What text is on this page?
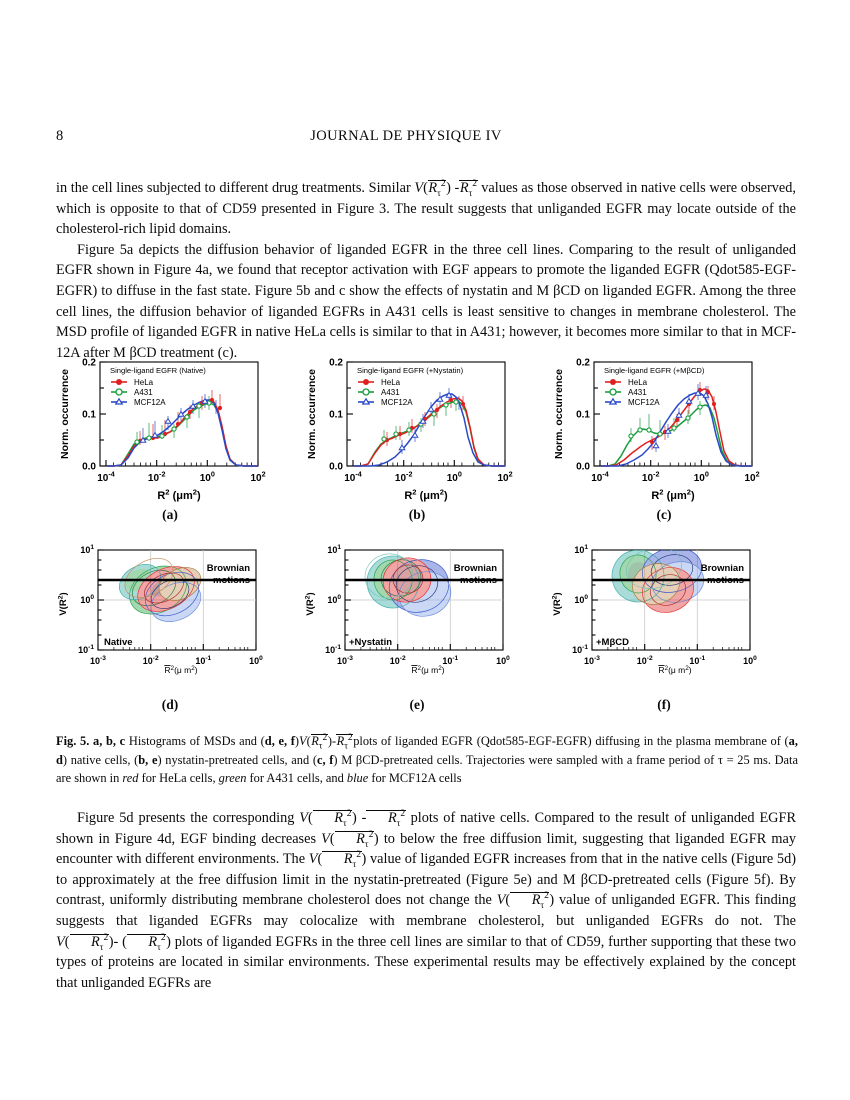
8	JOURNAL DE PHYSIQUE IV

in the cell lines subjected to different drug treatments. Similar $V(R_\tau^2)$ $-R_\tau^2$ values as those observed in native cells were observed, which is opposite to that of CD59 presented in Figure 3. The result suggests that unliganded EGFR may locate outside of the cholesterol-rich lipid domains.

Figure 5a depicts the diffusion behavior of liganded EGFR in the three cell lines. Comparing to the result of unliganded EGFR shown in Figure 4a, we found that receptor activation with EGF appears to promote the liganded EGFR (Qdot585-EGF-EGFR) to diffuse in the fast state. Figure 5b and c show the effects of nystatin and M βCD on liganded EGFR. Among the three cell lines, the diffusion behavior of liganded EGFRs in A431 cells is least sensitive to changes in membrane cholesterol. The MSD profile of liganded EGFR in native HeLa cells is similar to that in A431; however, it becomes more similar to that in MCF-12A after M βCD treatment (c).

0.0
0.1
0.2
Norm. occurrence
$10^{-4}$	$10^{-2}$	$10^0$	$10^2$
$R^2$ $(\mu m^2)$
Single-ligand EGFR (Native)
HeLa
A431
MCF12A
(a)
0.0
0.1
0.2
Norm. occurrence
$10^{-4}$	$10^{-2}$	$10^0$	$10^2$
$R^2$ $(\mu m^2)$
Single-ligand EGFR (+Nystatin)
HeLa
A431
MCF12A
(b)
0.0
0.1
0.2
Norm. occurrence
$10^{-4}$	$10^{-2}$	$10^0$	$10^2$
$R^2$ $(\mu m^2)$
Single-ligand EGFR (+MβCD)
HeLa
A431
MCF12A
(c)
Brownian
motions
Native
$10^{-1}$
$10^0$
$10^1$
$V(R^2)$
$10^{-3}$	$10^{-2}$	$10^{-1}$	$10^0$
$R^2(\mu$ $m^2$)
(d)
Brownian
motions
+Nystatin
$10^{-1}$
$10^0$
$10^1$
$V(R^2)$
$10^{-3}$	$10^{-2}$	$10^{-1}$	$10^0$
$R^2(\mu$ $m^2$)
(e)
Brownian
motions
+MβCD
$10^{-1}$
$10^0$
$10^1$
$V(R^2)$
$10^{-3}$	$10^{-2}$	$10^{-1}$	$10^0$
$R^2(\mu$ $m^2$)
(f)
Fig. 5. a, b, c Histograms of MSDs and (d, e, $f)V(R_\tau^2)-R_\tau^2plots$ of liganded EGFR (Qdot585-EGF-EGFR) diffusing in the plasma membrane of (a, d) native cells, (b, e) nystatin-pretreated cells, and (c, f) M βCD-pretreated cells. Trajectories were sampled with a frame period of τ = 25 ms. Data are shown in red for HeLa cells, green for A431 cells, and blue for MCF12A cells

Figure 5d presents the corresponding V( $R_\tau^2) - R_\tau^2$ plots of native cells. Compared to the result of unliganded EGFR shown in Figure 4d, EGF binding decreases V( $R_\tau^2$) to below the free diffusion limit, suggesting that liganded EGFR may encounter with different environments. The V( $R_\tau^2$) value of liganded EGFR increases from that in the native cells (Figure 5d) to approximately at the free diffusion limit in the nystatin-pretreated (Figure 5e) and M βCD-pretreated cells (Figure 5f). By contrast, uniformly distributing membrane cholesterol does not change the V( $R_\tau^2$) value of unliganded EGFR. This finding suggests that liganded EGFRs may colocalize with membrane cholesterol, but unliganded EGFRs do not. The V( $R_\tau^2)-$ ( $R_\tau^2$) plots of liganded EGFRs in the three cell lines are similar to that of CD59, further supporting that these two types of proteins are located in similar environments. These experimental results may be effectively explained by the concept that unliganded EGFRs are
